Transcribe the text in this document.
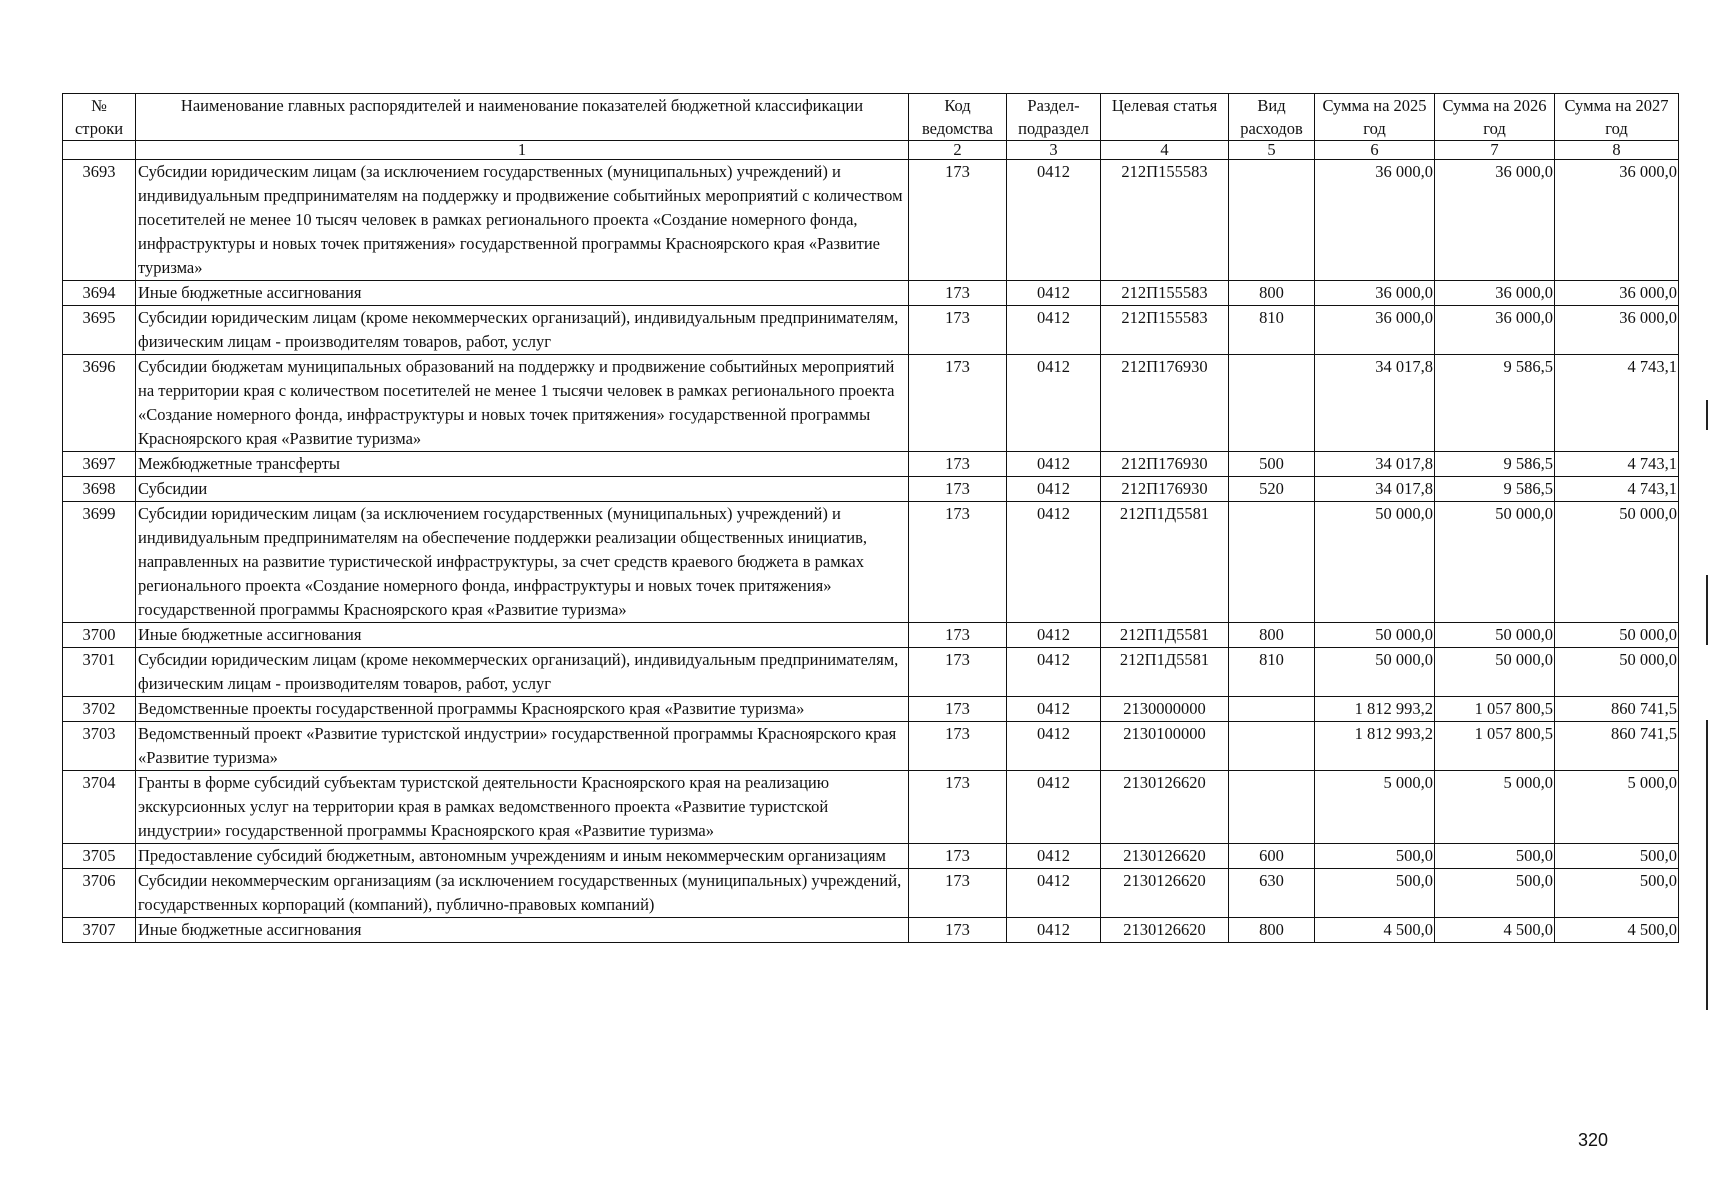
№ строки	Наименование главных распорядителей и наименование показателей бюджетной классификации	Код ведомства	Раздел-подраздел	Целевая статья	Вид расходов	Сумма на 2025 год	Сумма на 2026 год	Сумма на 2027 год
	1	2	3	4	5	6	7	8
3693	Субсидии юридическим лицам (за исключением государственных (муниципальных) учреждений) и индивидуальным предпринимателям на поддержку и продвижение событийных мероприятий с количеством посетителей не менее 10 тысяч человек в рамках регионального проекта «Создание номерного фонда, инфраструктуры и новых точек притяжения» государственной программы Красноярского края «Развитие туризма»	173	0412	212П155583		36 000,0	36 000,0	36 000,0
3694	Иные бюджетные ассигнования	173	0412	212П155583	800	36 000,0	36 000,0	36 000,0
3695	Субсидии юридическим лицам (кроме некоммерческих организаций), индивидуальным предпринимателям, физическим лицам - производителям товаров, работ, услуг	173	0412	212П155583	810	36 000,0	36 000,0	36 000,0
3696	Субсидии бюджетам муниципальных образований на поддержку и продвижение событийных мероприятий на территории края с количеством посетителей не менее 1 тысячи человек в рамках регионального проекта «Создание номерного фонда, инфраструктуры и новых точек притяжения» государственной программы Красноярского края «Развитие туризма»	173	0412	212П176930		34 017,8	9 586,5	4 743,1
3697	Межбюджетные трансферты	173	0412	212П176930	500	34 017,8	9 586,5	4 743,1
3698	Субсидии	173	0412	212П176930	520	34 017,8	9 586,5	4 743,1
3699	Субсидии юридическим лицам (за исключением государственных (муниципальных) учреждений) и индивидуальным предпринимателям на обеспечение поддержки реализации общественных инициатив, направленных на развитие туристической инфраструктуры, за счет средств краевого бюджета в рамках регионального проекта «Создание номерного фонда, инфраструктуры и новых точек притяжения» государственной программы Красноярского края «Развитие туризма»	173	0412	212П1Д5581		50 000,0	50 000,0	50 000,0
3700	Иные бюджетные ассигнования	173	0412	212П1Д5581	800	50 000,0	50 000,0	50 000,0
3701	Субсидии юридическим лицам (кроме некоммерческих организаций), индивидуальным предпринимателям, физическим лицам - производителям товаров, работ, услуг	173	0412	212П1Д5581	810	50 000,0	50 000,0	50 000,0
3702	Ведомственные проекты государственной программы Красноярского края «Развитие туризма»	173	0412	2130000000		1 812 993,2	1 057 800,5	860 741,5
3703	Ведомственный проект «Развитие туристской индустрии» государственной программы Красноярского края «Развитие туризма»	173	0412	2130100000		1 812 993,2	1 057 800,5	860 741,5
3704	Гранты в форме субсидий субъектам туристской деятельности Красноярского края на реализацию экскурсионных услуг на территории края в рамках ведомственного проекта «Развитие туристской индустрии» государственной программы Красноярского края «Развитие туризма»	173	0412	2130126620		5 000,0	5 000,0	5 000,0
3705	Предоставление субсидий бюджетным, автономным учреждениям и иным некоммерческим организациям	173	0412	2130126620	600	500,0	500,0	500,0
3706	Субсидии некоммерческим организациям (за исключением государственных (муниципальных) учреждений, государственных корпораций (компаний), публично-правовых компаний)	173	0412	2130126620	630	500,0	500,0	500,0
3707	Иные бюджетные ассигнования	173	0412	2130126620	800	4 500,0	4 500,0	4 500,0
320
